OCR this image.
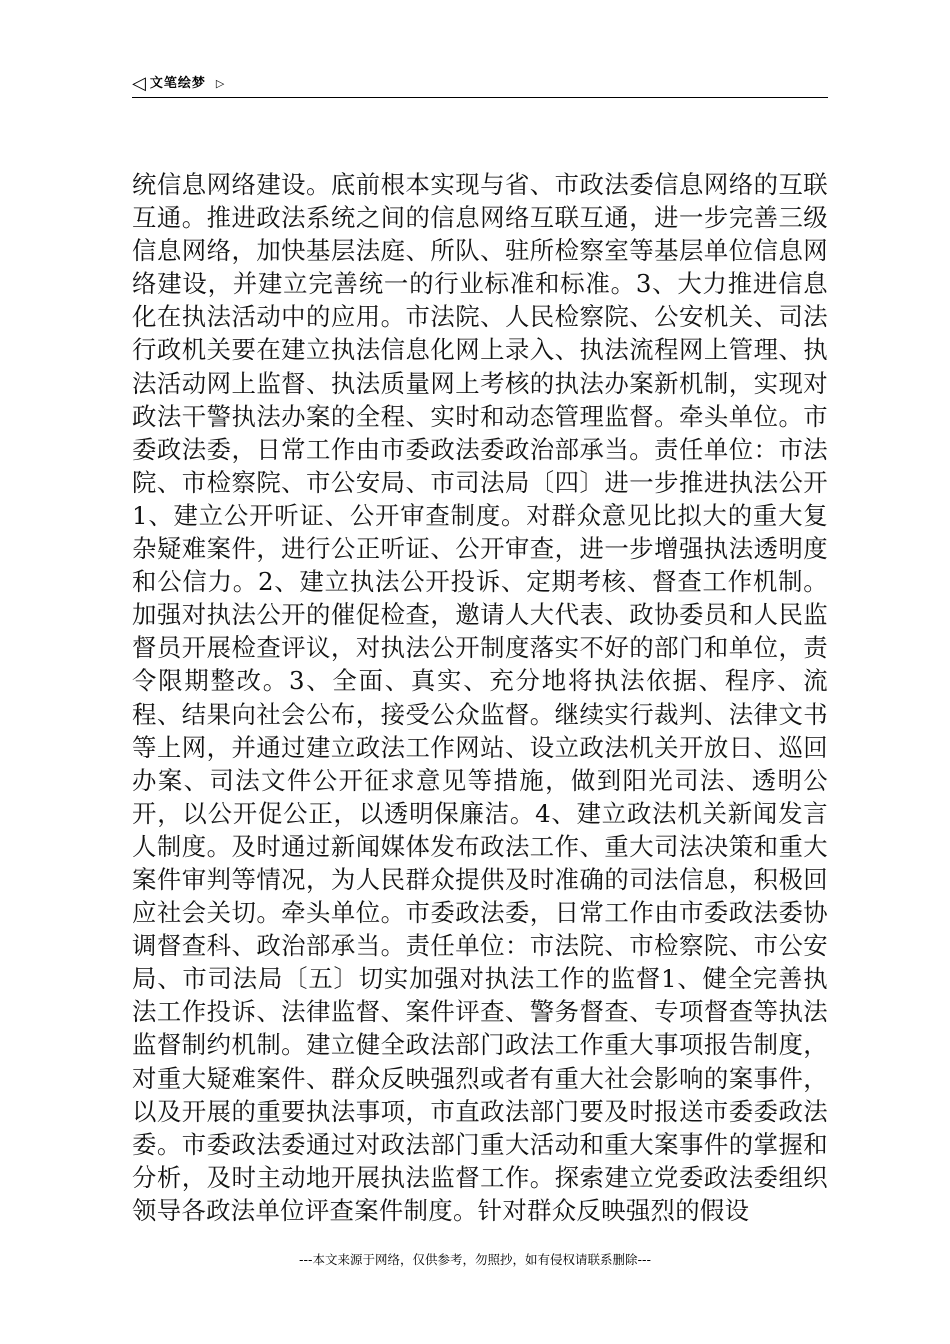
◁ 文笔绘梦 ▷

统信息网络建设。底前根本实现与省、市政法委信息网络的互联互通。推进政法系统之间的信息网络互联互通，进一步完善三级信息网络，加快基层法庭、所队、驻所检察室等基层单位信息网络建设，并建立完善统一的行业标准和标准。3、大力推进信息化在执法活动中的应用。市法院、人民检察院、公安机关、司法行政机关要在建立执法信息化网上录入、执法流程网上管理、执法活动网上监督、执法质量网上考核的执法办案新机制，实现对政法干警执法办案的全程、实时和动态管理监督。牵头单位。市委政法委，日常工作由市委政法委政治部承当。责任单位：市法院、市检察院、市公安局、市司法局〔四〕进一步推进执法公开1、建立公开听证、公开审查制度。对群众意见比拟大的重大复杂疑难案件，进行公正听证、公开审查，进一步增强执法透明度和公信力。2、建立执法公开投诉、定期考核、督查工作机制。加强对执法公开的催促检查，邀请人大代表、政协委员和人民监督员开展检查评议，对执法公开制度落实不好的部门和单位，责令限期整改。3、全面、真实、充分地将执法依据、程序、流程、结果向社会公布，接受公众监督。继续实行裁判、法律文书等上网，并通过建立政法工作网站、设立政法机关开放日、巡回办案、司法文件公开征求意见等措施，做到阳光司法、透明公开，以公开促公正，以透明保廉洁。4、建立政法机关新闻发言人制度。及时通过新闻媒体发布政法工作、重大司法决策和重大案件审判等情况，为人民群众提供及时准确的司法信息，积极回应社会关切。牵头单位。市委政法委，日常工作由市委政法委协调督查科、政治部承当。责任单位：市法院、市检察院、市公安局、市司法局〔五〕切实加强对执法工作的监督1、健全完善执法工作投诉、法律监督、案件评查、警务督查、专项督查等执法监督制约机制。建立健全政法部门政法工作重大事项报告制度，对重大疑难案件、群众反映强烈或者有重大社会影响的案事件，以及开展的重要执法事项，市直政法部门要及时报送市委委政法委。市委政法委通过对政法部门重大活动和重大案事件的掌握和分析，及时主动地开展执法监督工作。探索建立党委政法委组织领导各政法单位评查案件制度。针对群众反映强烈的假设

---本文来源于网络，仅供参考，勿照抄，如有侵权请联系删除---
